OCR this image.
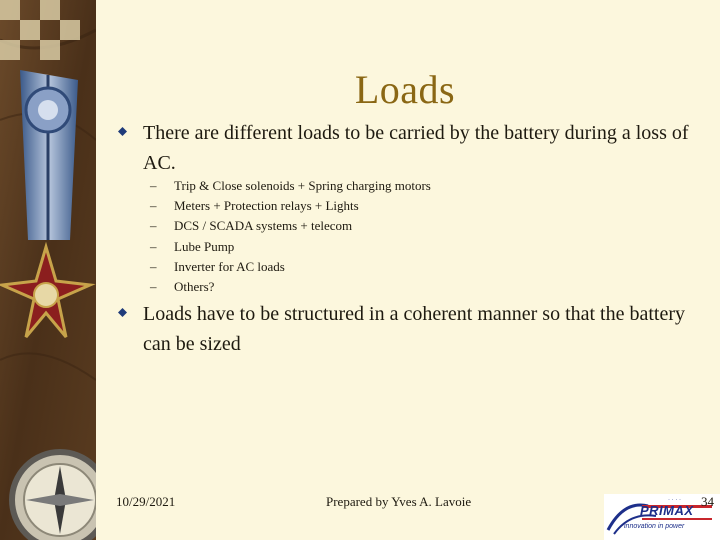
Loads
There are different loads to be carried by the battery during a loss of AC.
– Trip & Close solenoids + Spring charging motors
– Meters + Protection relays + Lights
– DCS / SCADA systems + telecom
– Lube Pump
– Inverter for AC loads
– Others?
Loads have to be structured in a coherent manner so that the battery can be sized
10/29/2021	Prepared by Yves A. Lavoie	· · · ·
PRIMAX
innovation in power
34
